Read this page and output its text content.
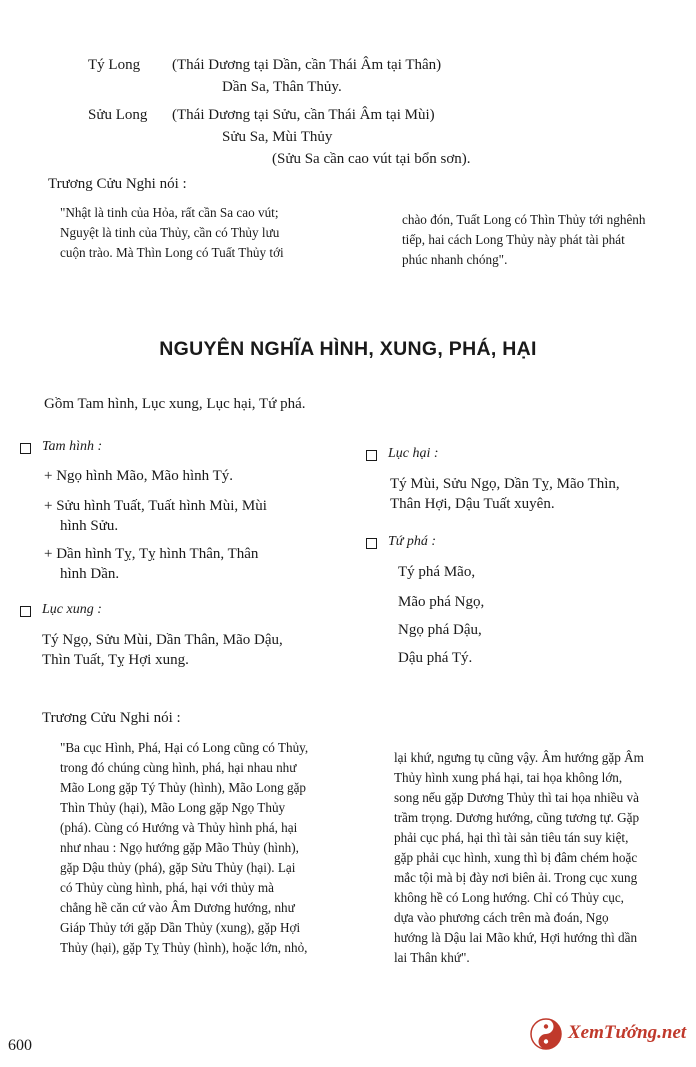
Tý Long (Thái Dương tại Dần, cần Thái Âm tại Thân)
Dần Sa, Thân Thủy.
Sửu Long (Thái Dương tại Sửu, cần Thái Âm tại Mùi)
Sửu Sa, Mùi Thủy
(Sửu Sa cần cao vút tại bổn sơn).
Trương Cửu Nghi nói :
"Nhật là tinh của Hỏa, rất cần Sa cao vút;
Nguyệt là tinh của Thủy, cần có Thủy lưu
cuộn trào. Mà Thìn Long có Tuất Thủy tới
chào đón, Tuất Long có Thìn Thủy tới nghênh
tiếp, hai cách Long Thủy này phát tài phát
phúc nhanh chóng".
NGUYÊN NGHĨA HÌNH, XUNG, PHÁ, HẠI
Gồm Tam hình, Lục xung, Lục hại, Tứ phá.
Tam hình :
+ Ngọ hình Mão, Mão hình Tý.
+ Sửu hình Tuất, Tuất hình Mùi, Mùi
hình Sửu.
+ Dần hình Tỵ, Tỵ hình Thân, Thân
hình Dần.
Lục xung :
Tý Ngọ, Sửu Mùi, Dần Thân, Mão Dậu,
Thìn Tuất, Tỵ Hợi xung.
Lục hại :
Tý Mùi, Sửu Ngọ, Dần Tỵ, Mão Thìn,
Thân Hợi, Dậu Tuất xuyên.
Tứ phá :
Tý phá Mão,
Mão phá Ngọ,
Ngọ phá Dậu,
Dậu phá Tý.
Trương Cửu Nghi nói :
"Ba cục Hình, Phá, Hại có Long cũng có Thủy,
trong đó chúng cùng hình, phá, hại nhau như
Mão Long gặp Tý Thủy (hình), Mão Long gặp
Thìn Thủy (hại), Mão Long gặp Ngọ Thủy
(phá). Cùng có Hướng và Thủy hình phá, hại
như nhau : Ngọ hướng gặp Mão Thủy (hình),
gặp Dậu thủy (phá), gặp Sửu Thủy (hại). Lại
có Thủy cùng hình, phá, hại với thủy mà
chẳng hề căn cứ vào Âm Dương hướng, như
Giáp Thủy tới gặp Dần Thủy (xung), gặp Hợi
Thủy (hại), gặp Tỵ Thủy (hình), hoặc lớn, nhỏ,
lại khứ, ngưng tụ cũng vậy. Âm hướng gặp Âm
Thủy hình xung phá hại, tai họa không lớn,
song nếu gặp Dương Thủy thì tai họa nhiều và
trầm trọng. Dương hướng, cũng tương tự. Gặp
phải cục phá, hại thì tài sản tiêu tán suy kiệt,
gặp phải cục hình, xung thì bị đâm chém hoặc
mắc tội mà bị đày nơi biên ải. Trong cục xung
không hề có Long hướng. Chỉ có Thủy cục,
dựa vào phương cách trên mà đoán, Ngọ
hướng là Dậu lai Mão khứ, Hợi hướng thì dần
lai Thân khứ".
600
XemTướng.net
